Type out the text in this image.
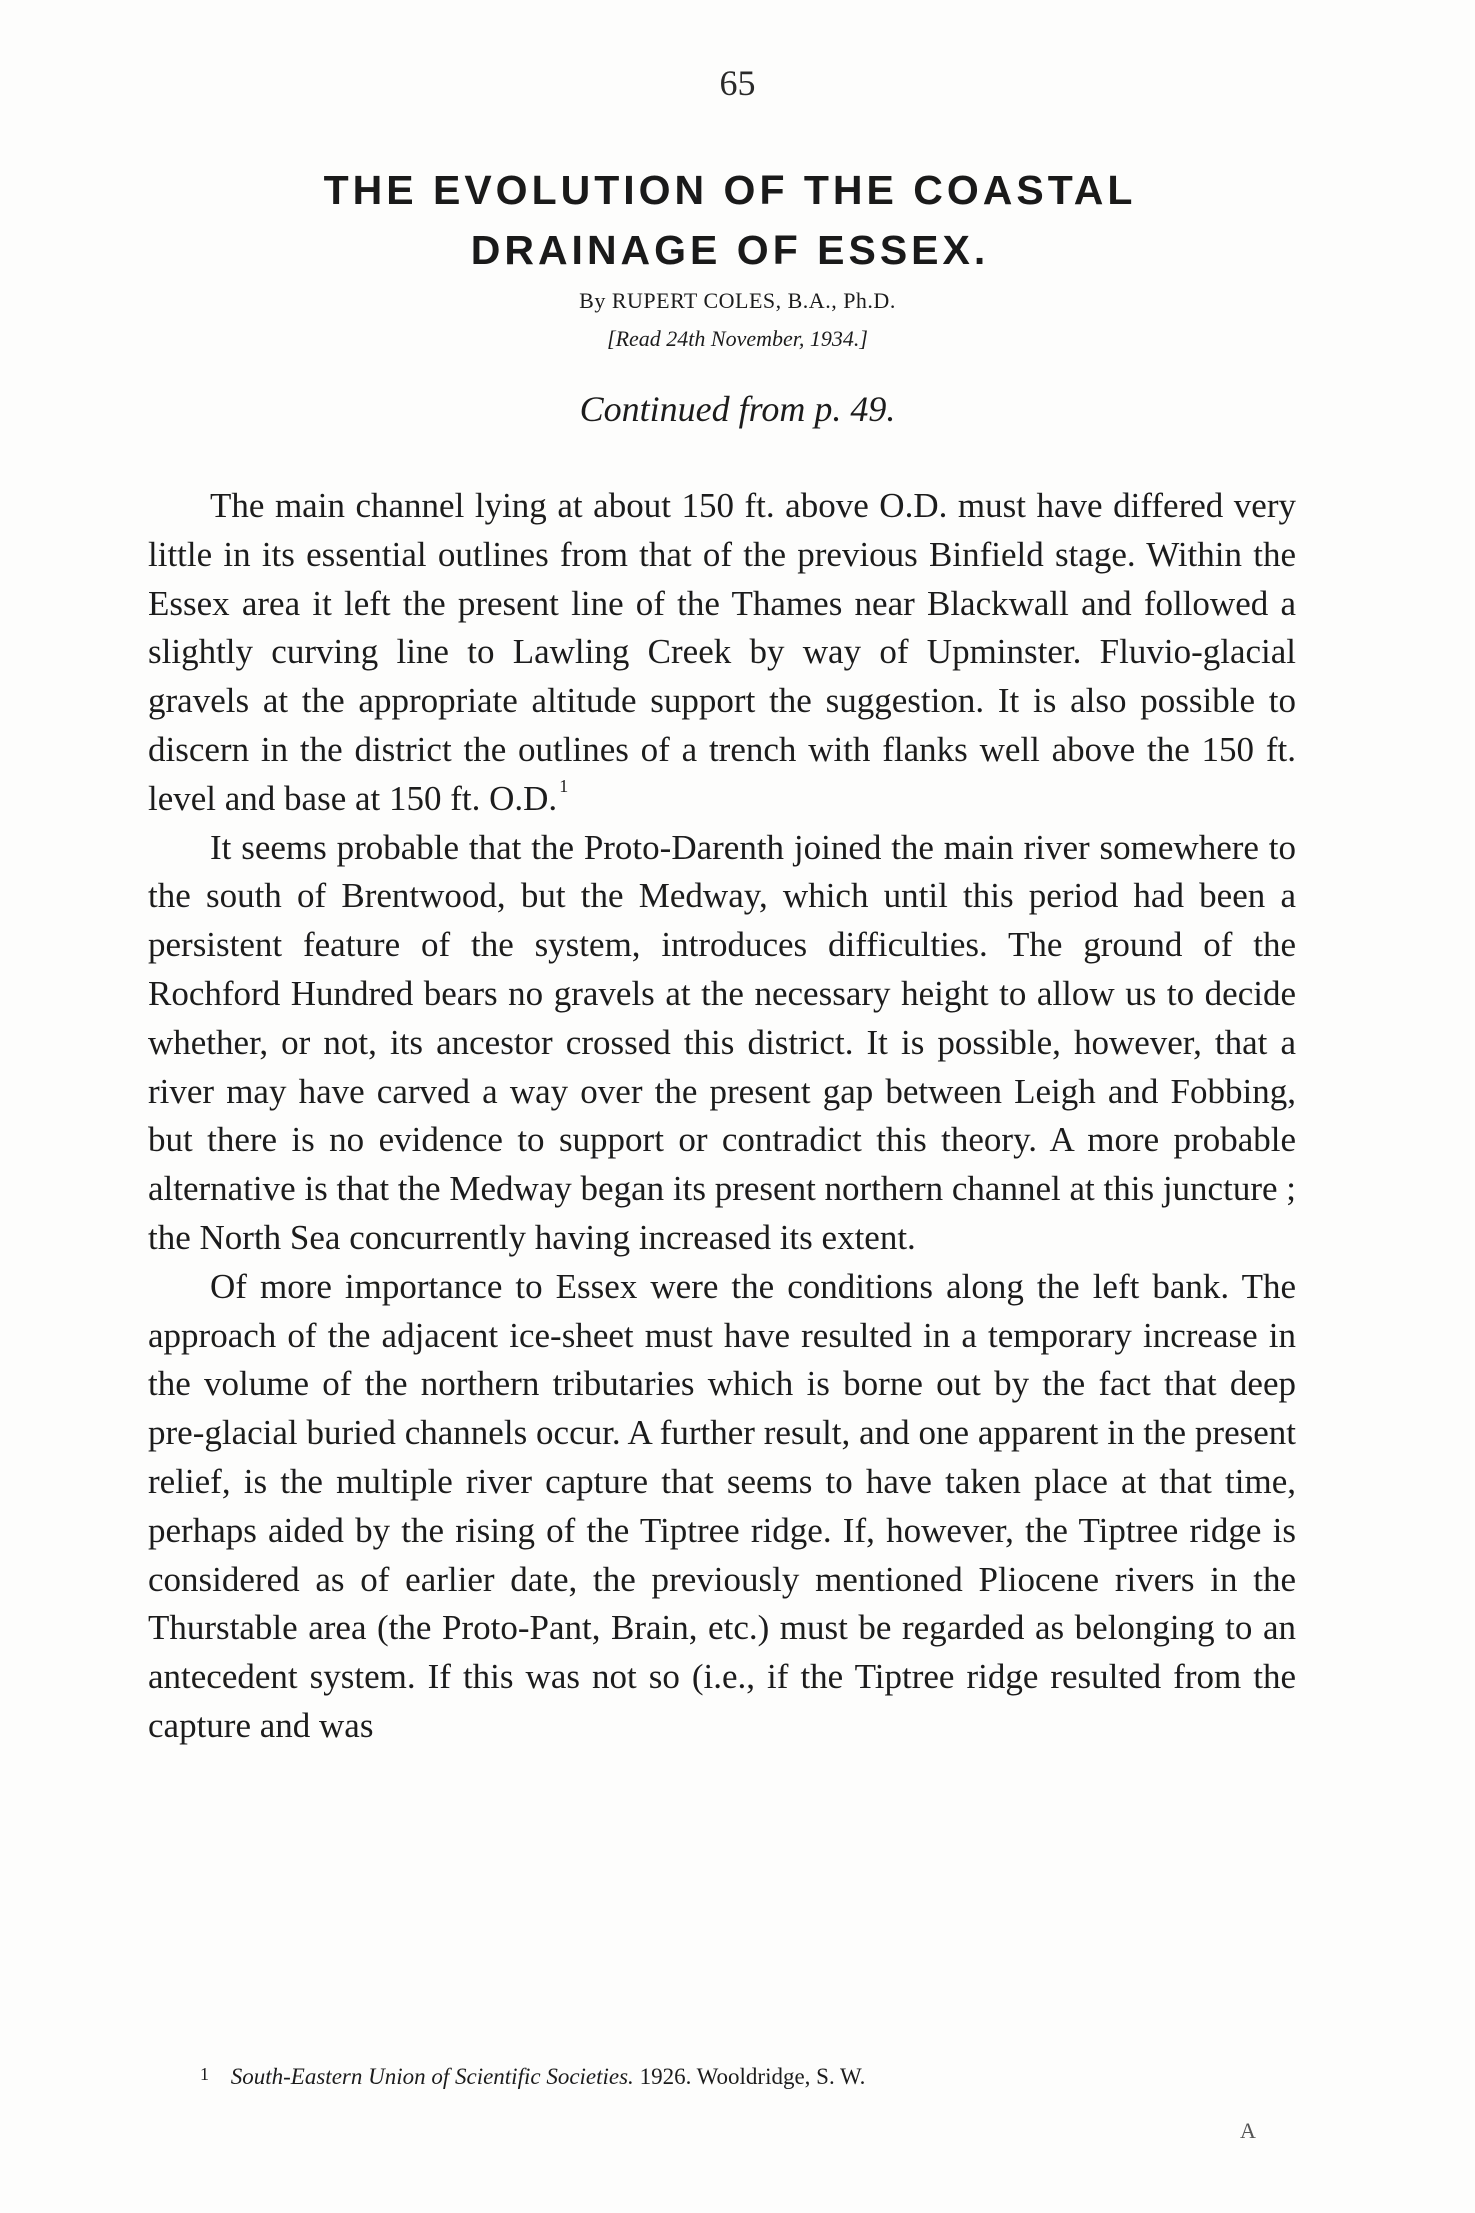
65
THE EVOLUTION OF THE COASTAL
DRAINAGE OF ESSEX.
By RUPERT COLES, B.A., Ph.D.
[Read 24th November, 1934.]
Continued from p. 49.

The main channel lying at about 150 ft. above O.D. must have differed very little in its essential outlines from that of the previous Binfield stage. Within the Essex area it left the present line of the Thames near Blackwall and followed a slightly curving line to Lawling Creek by way of Upminster. Fluvio-glacial gravels at the appropriate altitude support the suggestion. It is also possible to discern in the district the outlines of a trench with flanks well above the 150 ft. level and base at 150 ft. O.D. $^1$

It seems probable that the Proto-Darenth joined the main river somewhere to the south of Brentwood, but the Medway, which until this period had been a persistent feature of the system, introduces difficulties. The ground of the Rochford Hundred bears no gravels at the necessary height to allow us to decide whether, or not, its ancestor crossed this district. It is possible, however, that a river may have carved a way over the present gap between Leigh and Fobbing, but there is no evidence to support or contradict this theory. A more probable alternative is that the Medway began its present northern channel at this juncture ; the North Sea concurrently having increased its extent.

Of more importance to Essex were the conditions along the left bank. The approach of the adjacent ice-sheet must have resulted in a temporary increase in the volume of the northern tributaries which is borne out by the fact that deep pre-glacial buried channels occur. A further result, and one apparent in the present relief, is the multiple river capture that seems to have taken place at that time, perhaps aided by the rising of the Tiptree ridge. If, however, the Tiptree ridge is considered as of earlier date, the previously mentioned Pliocene rivers in the Thurstable area (the Proto-Pant, Brain, etc.) must be regarded as belonging to an antecedent system. If this was not so (i.e., if the Tiptree ridge resulted from the capture and was

$^1$ South-Eastern Union of Scientific Societies. 1926. Wooldridge, S. W.
A
